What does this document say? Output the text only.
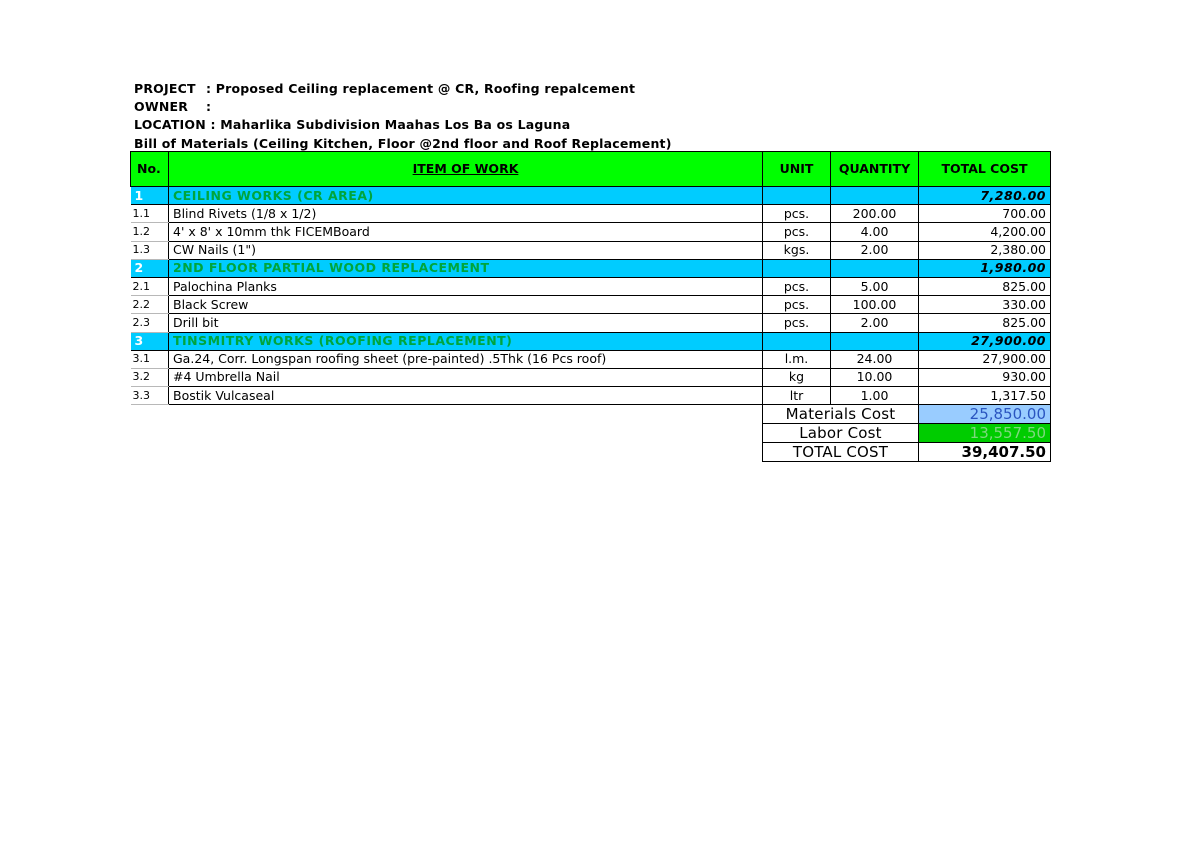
PROJECT : Proposed Ceiling replacement @ CR, Roofing repalcement
OWNER :
LOCATION : Maharlika Subdivision Maahas Los Ba os Laguna
Bill of Materials (Ceiling Kitchen, Floor @2nd floor and Roof Replacement)
No.	ITEM OF WORK	UNIT	QUANTITY	TOTAL COST
1	CEILING WORKS (CR AREA)			7,280.00
1.1	Blind Rivets (1/8 x 1/2)	pcs.	200.00	700.00
1.2	4' x 8' x 10mm thk FICEMBoard	pcs.	4.00	4,200.00
1.3	CW Nails (1")	kgs.	2.00	2,380.00
2	2ND FLOOR PARTIAL WOOD REPLACEMENT			1,980.00
2.1	Palochina Planks	pcs.	5.00	825.00
2.2	Black Screw	pcs.	100.00	330.00
2.3	Drill bit	pcs.	2.00	825.00
3	TINSMITRY WORKS (ROOFING REPLACEMENT)			27,900.00
3.1	Ga.24, Corr. Longspan roofing sheet (pre-painted) .5Thk (16 Pcs roof)	l.m.	24.00	27,900.00
3.2	#4 Umbrella Nail	kg	10.00	930.00
3.3	Bostik Vulcaseal	ltr	1.00	1,317.50
		Materials Cost		25,850.00
		Labor Cost		13,557.50
		TOTAL COST		39,407.50
